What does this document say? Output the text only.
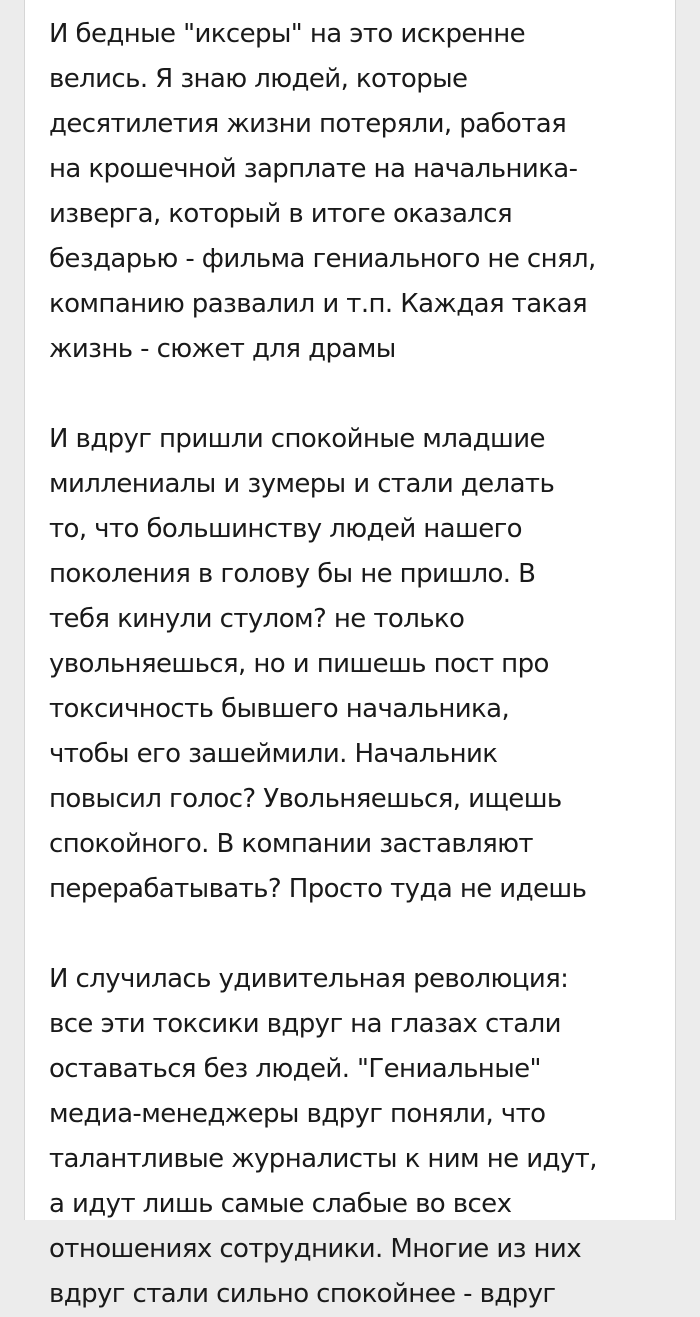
И бедные "иксеры" на это искренне
велись. Я знаю людей, которые
десятилетия жизни потеряли, работая
на крошечной зарплате на начальника-
изверга, который в итоге оказался
бездарью - фильма гениального не снял,
компанию развалил и т.п. Каждая такая
жизнь - сюжет для драмы

И вдруг пришли спокойные младшие
миллениалы и зумеры и стали делать
то, что большинству людей нашего
поколения в голову бы не пришло. В
тебя кинули стулом? не только
увольняешься, но и пишешь пост про
токсичность бывшего начальника,
чтобы его зашеймили. Начальник
повысил голос? Увольняешься, ищешь
спокойного. В компании заставляют
перерабатывать? Просто туда не идешь

И случилась удивительная революция:
все эти токсики вдруг на глазах стали
оставаться без людей. "Гениальные"
медиа-менеджеры вдруг поняли, что
талантливые журналисты к ним не идут,
а идут лишь самые слабые во всех
отношениях сотрудники. Многие из них
вдруг стали сильно спокойнее - вдруг
